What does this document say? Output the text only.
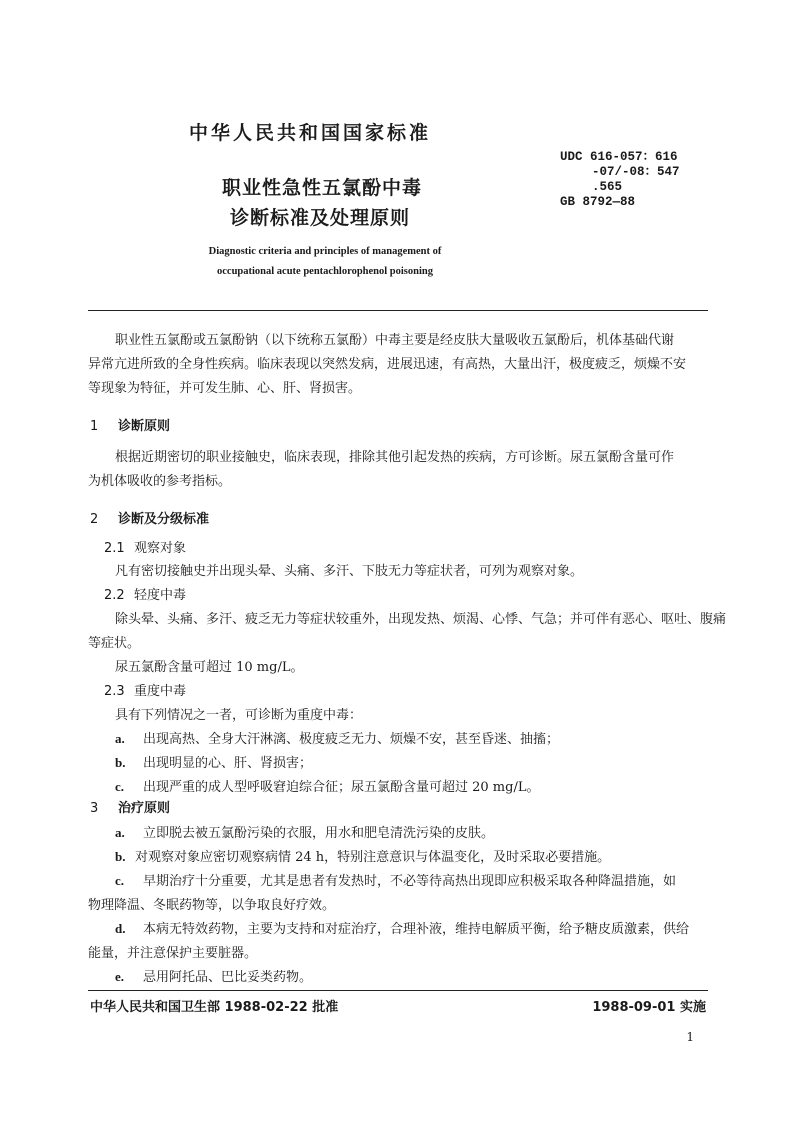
中华人民共和国国家标准
职业性急性五氯酚中毒
诊断标准及处理原则
UDC 616-057：616
-07/-08：547
.565
GB 8792—88
Diagnostic criteria and principles of management of
occupational acute pentachlorophenol poisoning
职业性五氯酚或五氯酚钠（以下统称五氯酚）中毒主要是经皮肤大量吸收五氯酚后，机体基础代谢
异常亢进所致的全身性疾病。临床表现以突然发病，进展迅速，有高热，大量出汗，极度疲乏，烦燥不安
等现象为特征，并可发生肺、心、肝、肾损害。
1 诊断原则
根据近期密切的职业接触史，临床表现，排除其他引起发热的疾病，方可诊断。尿五氯酚含量可作
为机体吸收的参考指标。
2 诊断及分级标准
2.1 观察对象
凡有密切接触史并出现头晕、头痛、多汗、下肢无力等症状者，可列为观察对象。
2.2 轻度中毒
除头晕、头痛、多汗、疲乏无力等症状较重外，出现发热、烦渴、心悸、气急；并可伴有恶心、呕吐、腹痛
等症状。
尿五氯酚含量可超过 10 mg/L。
2.3 重度中毒
具有下列情况之一者，可诊断为重度中毒：
a. 出现高热、全身大汗淋漓、极度疲乏无力、烦燥不安，甚至昏迷、抽搐；
b. 出现明显的心、肝、肾损害；
c. 出现严重的成人型呼吸窘迫综合征；尿五氯酚含量可超过 20 mg/L。
3 治疗原则
a. 立即脱去被五氯酚污染的衣服，用水和肥皂清洗污染的皮肤。
b. 对观察对象应密切观察病情 24 h，特别注意意识与体温变化，及时采取必要措施。
c. 早期治疗十分重要，尤其是患者有发热时，不必等待高热出现即应积极采取各种降温措施，如
物理降温、冬眠药物等，以争取良好疗效。
d. 本病无特效药物，主要为支持和对症治疗，合理补液，维持电解质平衡，给予糖皮质激素，供给
能量，并注意保护主要脏器。
中华人民共和国卫生部 1988-02-22 批准	1988-09-01 实施
1
e. 忌用阿托品、巴比妥类药物。
